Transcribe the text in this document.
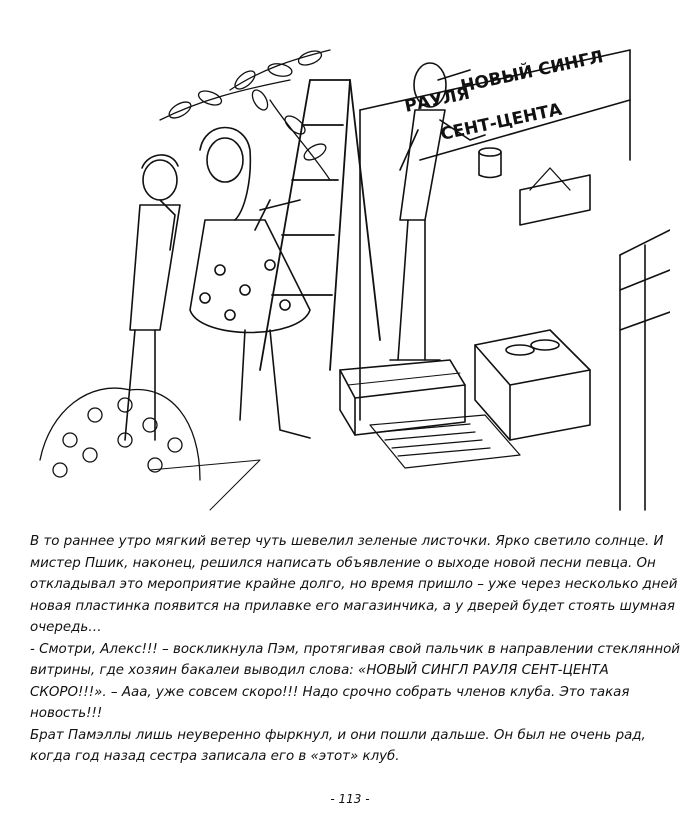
НОВЫЙ СИНГЛ
РАУЛЯ
СЕНТ-ЦЕНТА

В то раннее утро мягкий ветер чуть шевелил зеленые листочки. Ярко светило солнце. И мистер Пшик, наконец, решился написать объявление о выходе новой песни певца. Он откладывал это мероприятие крайне долго, но время пришло – уже через несколько дней новая пластинка появится на прилавке его магазинчика, а у дверей будет стоять шумная очередь…

- Смотри, Алекс!!! – воскликнула Пэм, протягивая свой пальчик в направлении стеклянной витрины, где хозяин бакалеи выводил слова: «НОВЫЙ СИНГЛ РАУЛЯ СЕНТ-ЦЕНТА СКОРО!!!». – Ааа, уже совсем скоро!!! Надо срочно собрать членов клуба. Это такая новость!!!

Брат Памэллы лишь неуверенно фыркнул, и они пошли дальше. Он был не очень рад, когда год назад сестра записала его в «этот» клуб.

- 113 -
